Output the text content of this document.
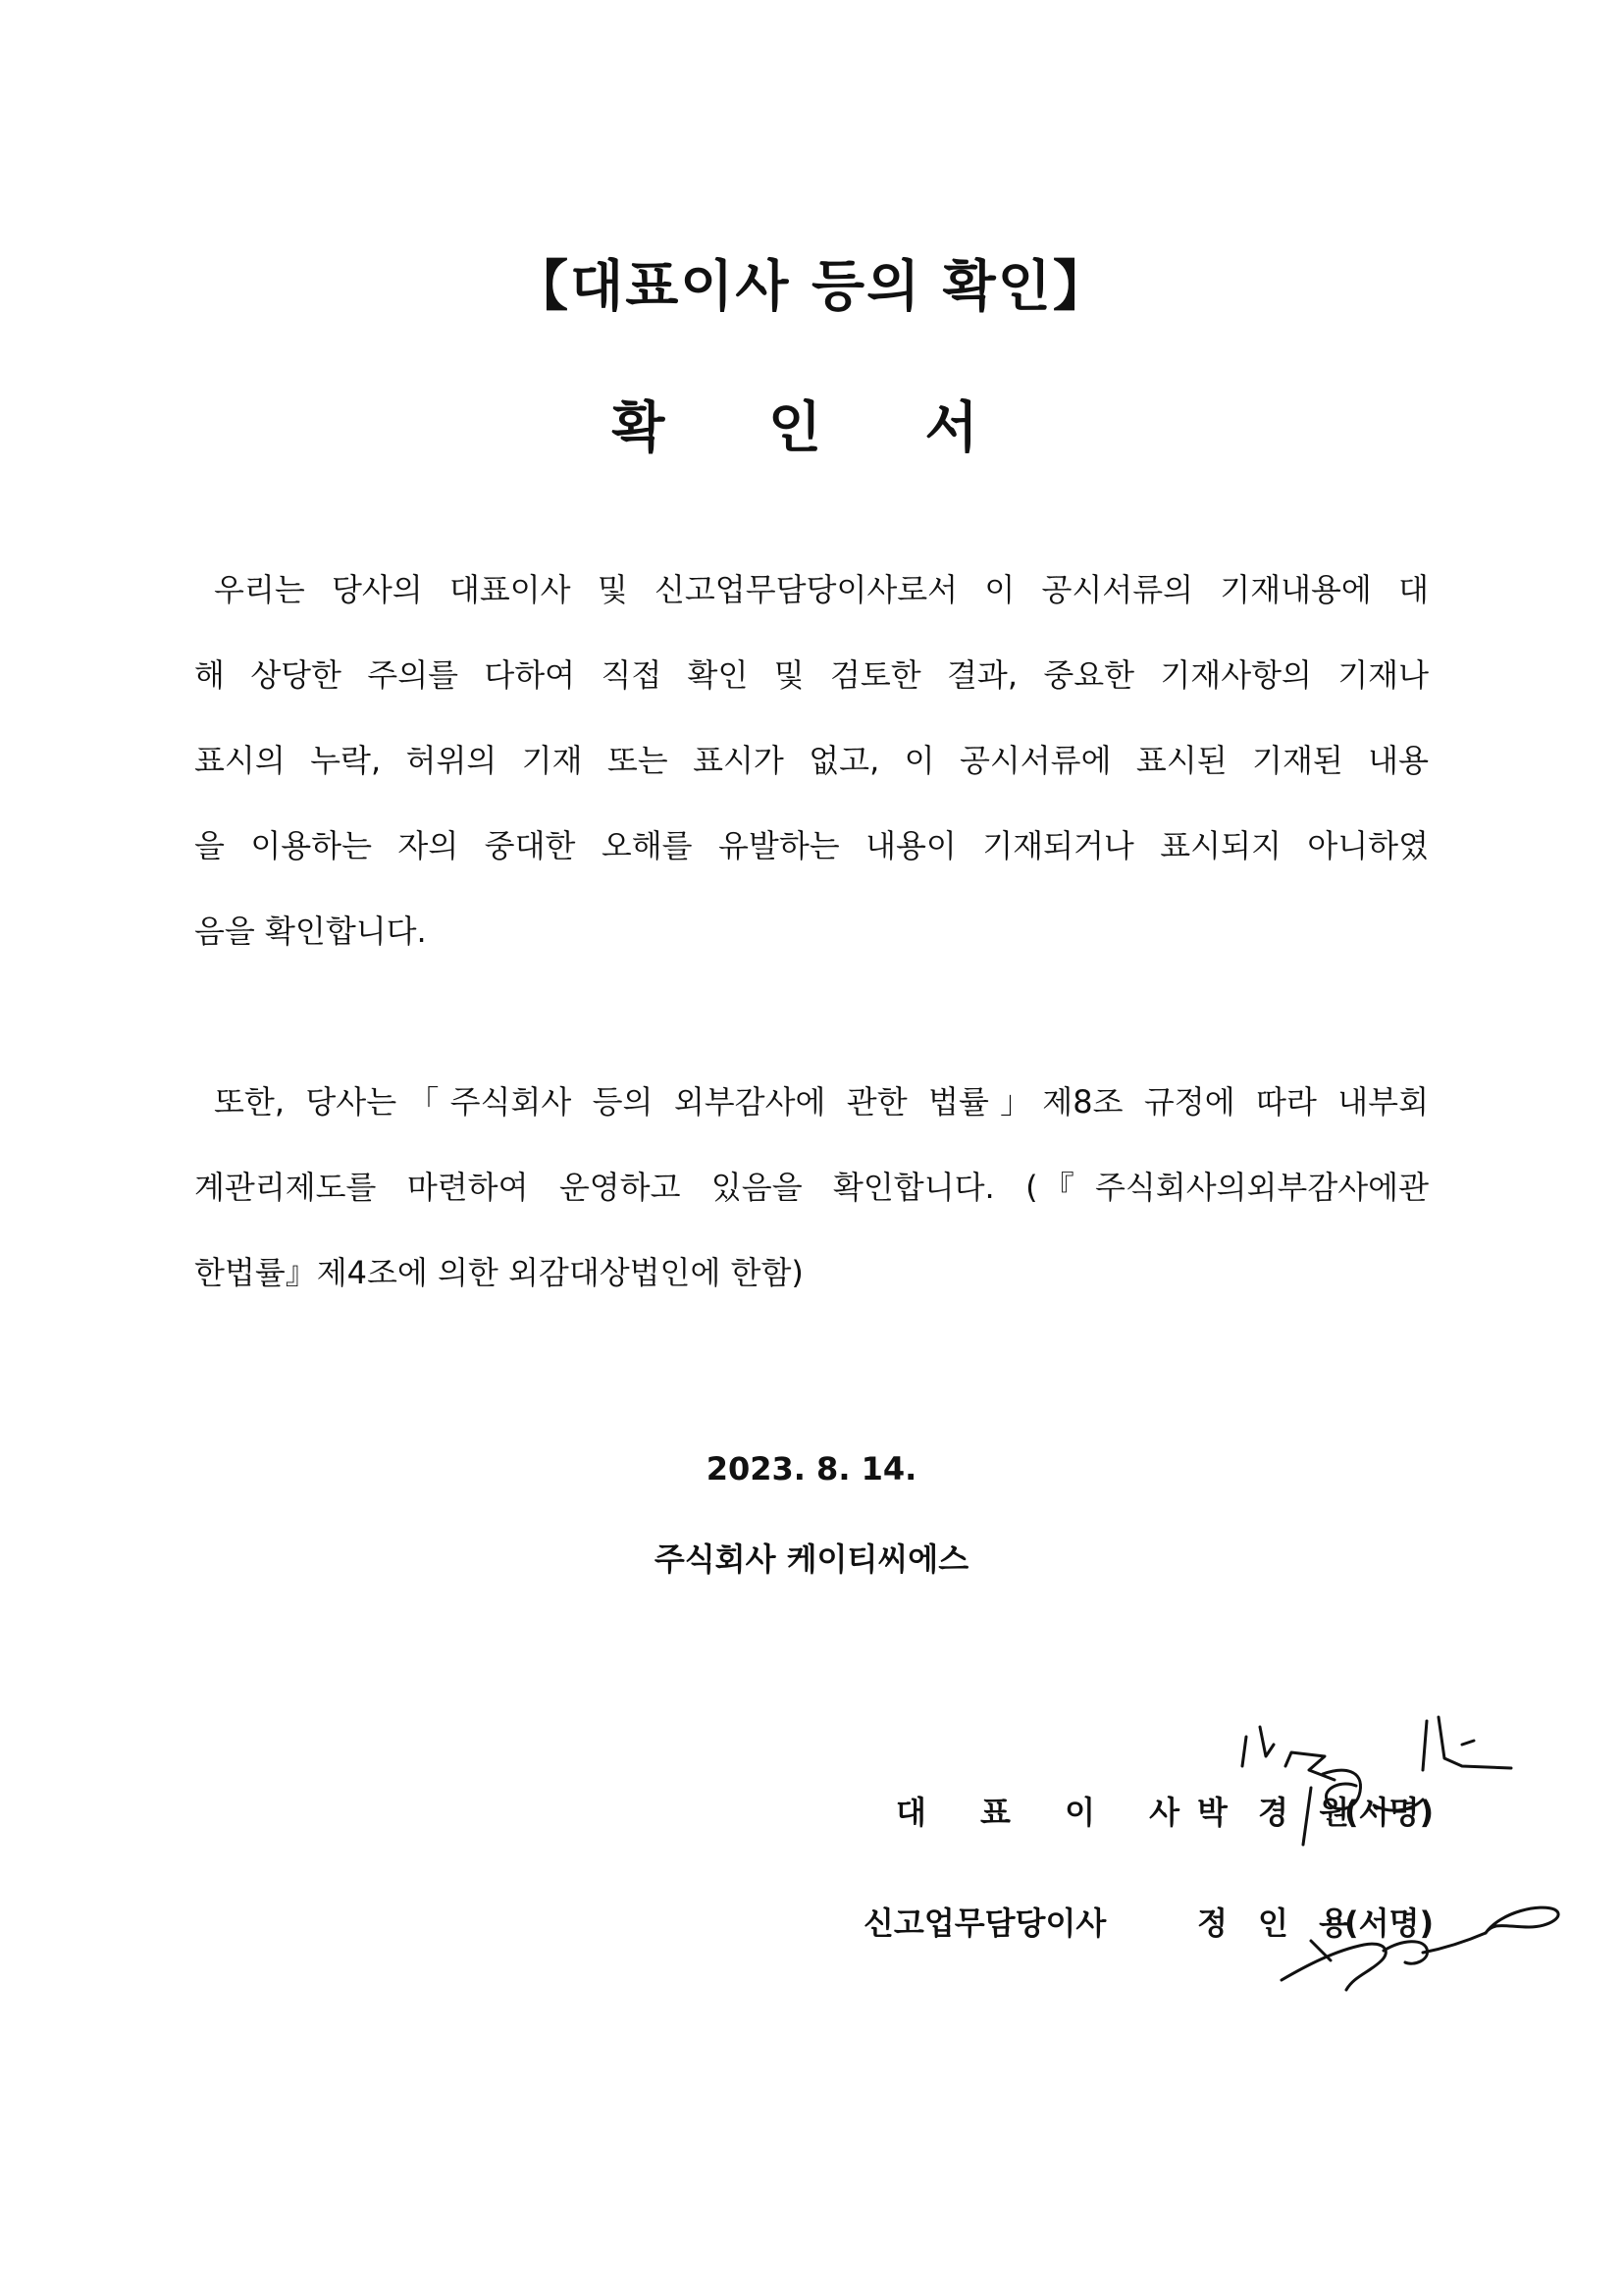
【대표이사 등의 확인】
확 인 서
우리는 당사의 대표이사 및 신고업무담당이사로서 이 공시서류의 기재내용에 대
해 상당한 주의를 다하여 직접 확인 및 검토한 결과, 중요한 기재사항의 기재나
표시의 누락, 허위의 기재 또는 표시가 없고, 이 공시서류에 표시된 기재된 내용
을 이용하는 자의 중대한 오해를 유발하는 내용이 기재되거나 표시되지 아니하였
음을 확인합니다.
또한, 당사는「주식회사 등의 외부감사에 관한 법률」제8조 규정에 따라 내부회
계관리제도를 마련하여 운영하고 있음을 확인합니다. (『주식회사의외부감사에관
한법률』제4조에 의한 외감대상법인에 한함)
2023. 8. 14.
주식회사 케이티씨에스
대 표 이 사
박 경 원
(서명)
신고업무담당이사	정 인 용
(서명)
